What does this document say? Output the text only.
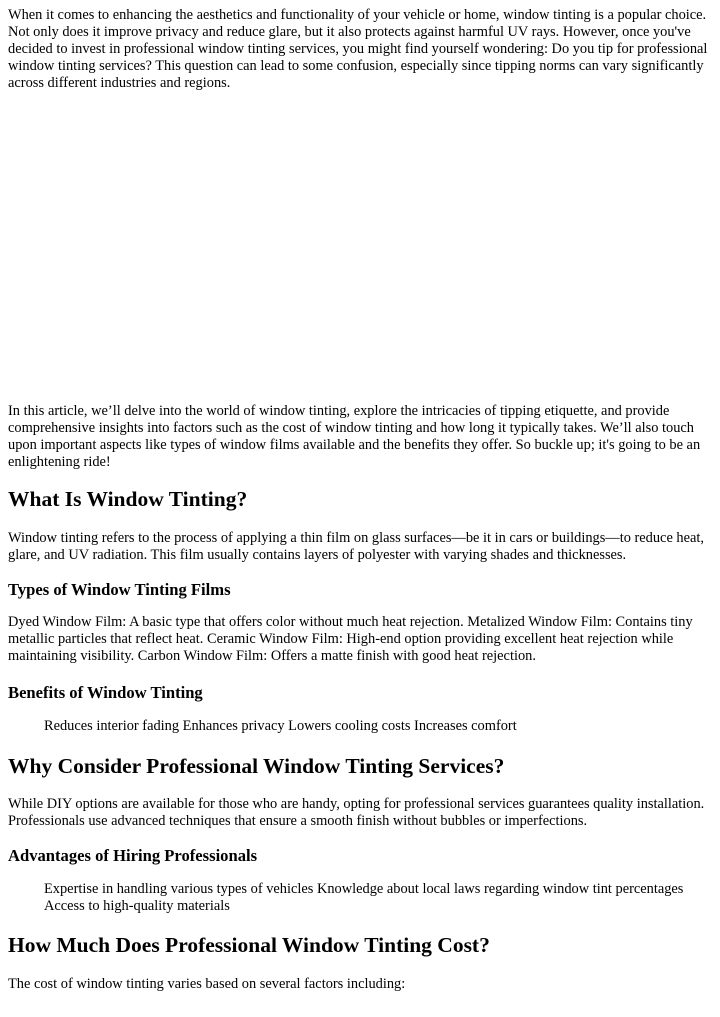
When it comes to enhancing the aesthetics and functionality of your vehicle or home, window tinting is a popular choice. Not only does it improve privacy and reduce glare, but it also protects against harmful UV rays. However, once you've decided to invest in professional window tinting services, you might find yourself wondering: Do you tip for professional window tinting services? This question can lead to some confusion, especially since tipping norms can vary significantly across different industries and regions.

In this article, we’ll delve into the world of window tinting, explore the intricacies of tipping etiquette, and provide comprehensive insights into factors such as the cost of window tinting and how long it typically takes. We’ll also touch upon important aspects like types of window films available and the benefits they offer. So buckle up; it's going to be an enlightening ride!

What Is Window Tinting?

Window tinting refers to the process of applying a thin film on glass surfaces—be it in cars or buildings—to reduce heat, glare, and UV radiation. This film usually contains layers of polyester with varying shades and thicknesses.

Types of Window Tinting Films

Dyed Window Film: A basic type that offers color without much heat rejection. Metalized Window Film: Contains tiny metallic particles that reflect heat. Ceramic Window Film: High-end option providing excellent heat rejection while maintaining visibility. Carbon Window Film: Offers a matte finish with good heat rejection.

Benefits of Window Tinting

Reduces interior fading Enhances privacy Lowers cooling costs Increases comfort

Why Consider Professional Window Tinting Services?

While DIY options are available for those who are handy, opting for professional services guarantees quality installation. Professionals use advanced techniques that ensure a smooth finish without bubbles or imperfections.

Advantages of Hiring Professionals

Expertise in handling various types of vehicles Knowledge about local laws regarding window tint percentages Access to high-quality materials

How Much Does Professional Window Tinting Cost?

The cost of window tinting varies based on several factors including:
